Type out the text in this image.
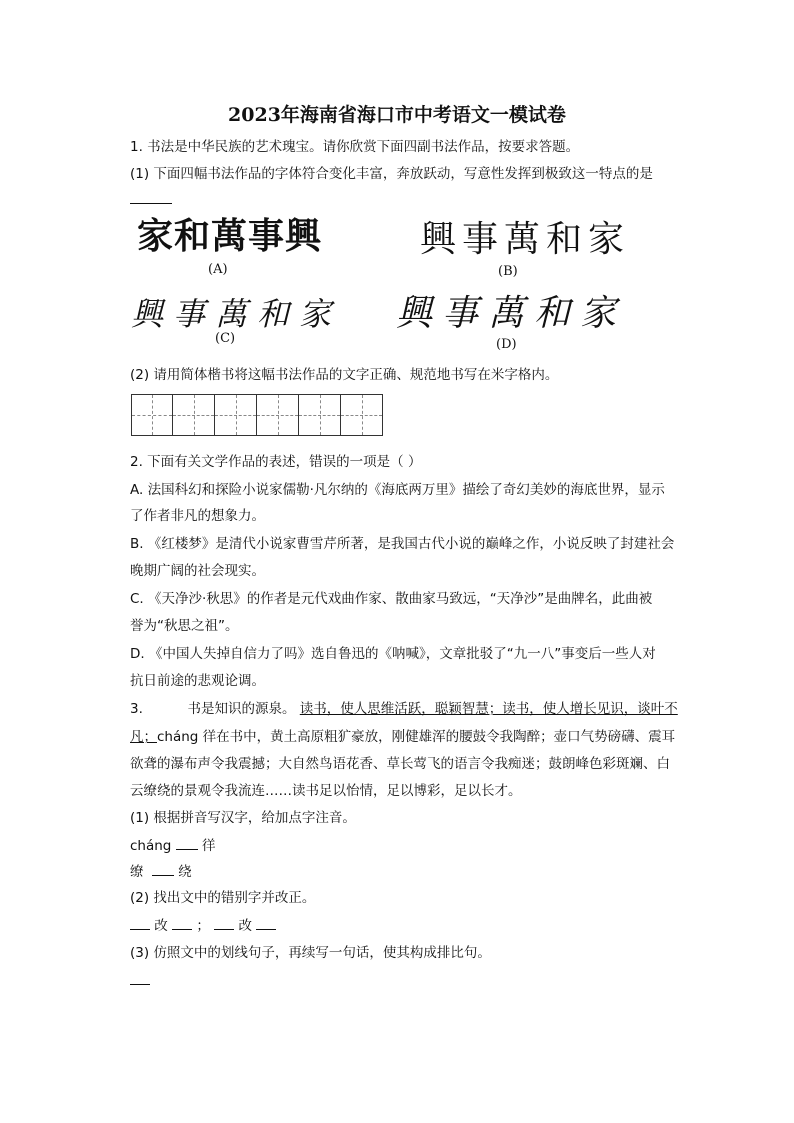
2023年海南省海口市中考语文一模试卷
1. 书法是中华民族的艺术瑰宝。请你欣赏下面四副书法作品，按要求答题。
(1) 下面四幅书法作品的字体符合变化丰富，奔放跃动，写意性发挥到极致这一特点的是
家和萬事興
(A)
興事萬和家
(B)
興事萬和家
(C)
興事萬和家
(D)
(2) 请用简体楷书将这幅书法作品的文字正确、规范地书写在米字格内。
2. 下面有关文学作品的表述，错误的一项是（ ）
A. 法国科幻和探险小说家儒勒·凡尔纳的《海底两万里》描绘了奇幻美妙的海底世界，显示
了作者非凡的想象力。
B. 《红楼梦》是清代小说家曹雪芹所著，是我国古代小说的巅峰之作，小说反映了封建社会
晚期广阔的社会现实。
C. 《天净沙·秋思》的作者是元代戏曲作家、散曲家马致远，“天净沙”是曲牌名，此曲被
誉为“秋思之祖”。
D. 《中国人失掉自信力了吗》选自鲁迅的《呐喊》，文章批驳了“九一八”事变后一些人对
抗日前途的悲观论调。
3.	书是知识的源泉。 读书，使人思维活跃，聪颖智慧；读书，使人增长见识，谈叶不
凡；cháng 徉在书中，黄土高原粗犷豪放，刚健雄浑的腰鼓令我陶醉；壶口气势磅礴、震耳
欲聋的瀑布声令我震撼；大自然鸟语花香、草长莺飞的语言令我痴迷；鼓朗峰色彩斑斓、白
云缭绕的景观令我流连……读书足以怡情，足以博彩，足以长才。
(1) 根据拼音写汉字，给加点字注音。
cháng 徉
缭	绕
(2) 找出文中的错别字并改正。
改 ； 改
(3) 仿照文中的划线句子，再续写一句话，使其构成排比句。
